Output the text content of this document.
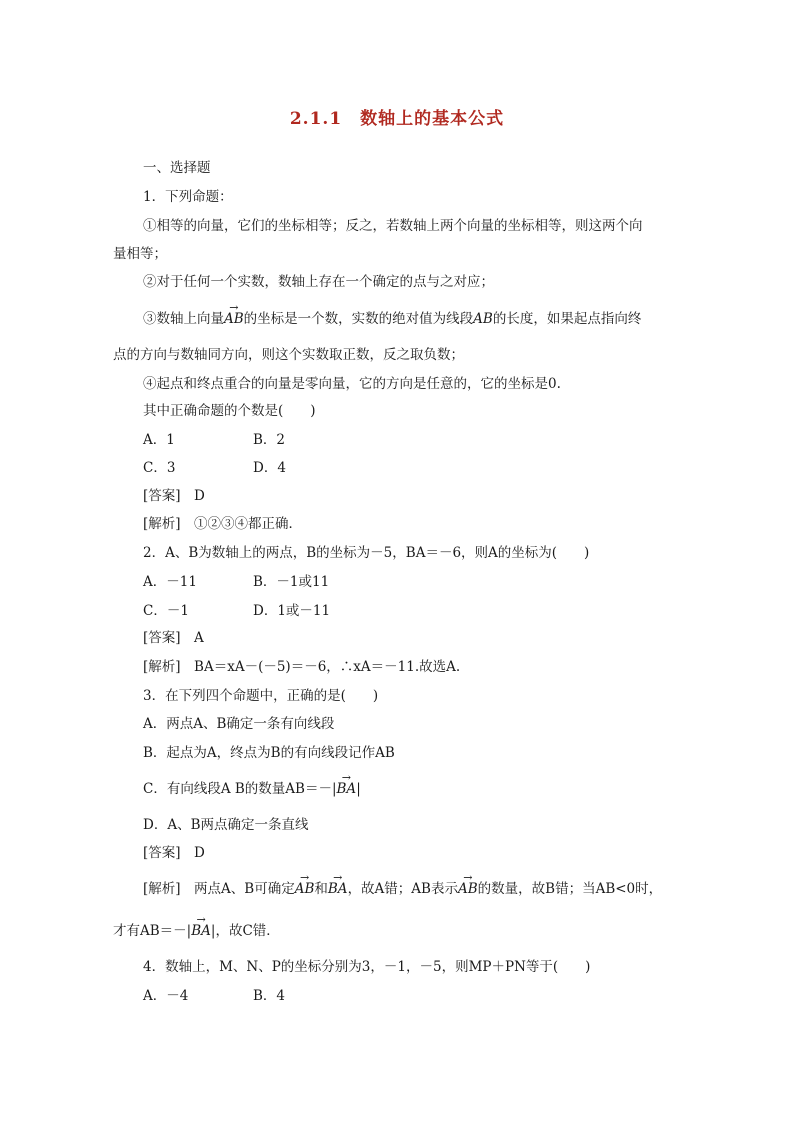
2.1.1　数轴上的基本公式
一、选择题
1．下列命题：
①相等的向量，它们的坐标相等；反之，若数轴上两个向量的坐标相等，则这两个向
量相等；
②对于任何一个实数，数轴上存在一个确定的点与之对应；
③数轴上向量→ AB的坐标是一个数，实数的绝对值为线段AB的长度，如果起点指向终
点的方向与数轴同方向，则这个实数取正数，反之取负数；
④起点和终点重合的向量是零向量，它的方向是任意的，它的坐标是0.
其中正确命题的个数是(　　)
A．1	B．2
C．3	D．4
[答案]　D
[解析]　①②③④都正确．
2．A、B为数轴上的两点，B的坐标为－5，BA＝－6，则A的坐标为(　　)
A．－11	B．－1或11
C．－1	D．1或－11
[答案]　A
[解析]　BA＝xA－(－5)＝－6，∴xA＝－11.故选A.
3．在下列四个命题中，正确的是(　　)
A．两点A、B确定一条有向线段
B．起点为A，终点为B的有向线段记作AB
C．有向线段A B的数量AB＝－|→ BA|
D．A、B两点确定一条直线
[答案]　D
[解析]　两点A、B可确定→ AB和→ BA，故A错；AB表示→ AB的数量，故B错；当AB<0时，
才有AB＝－|→ BA|，故C错．
4．数轴上，M、N、P的坐标分别为3，－1，－5，则MP＋PN等于(　　)
A．－4	B．4
